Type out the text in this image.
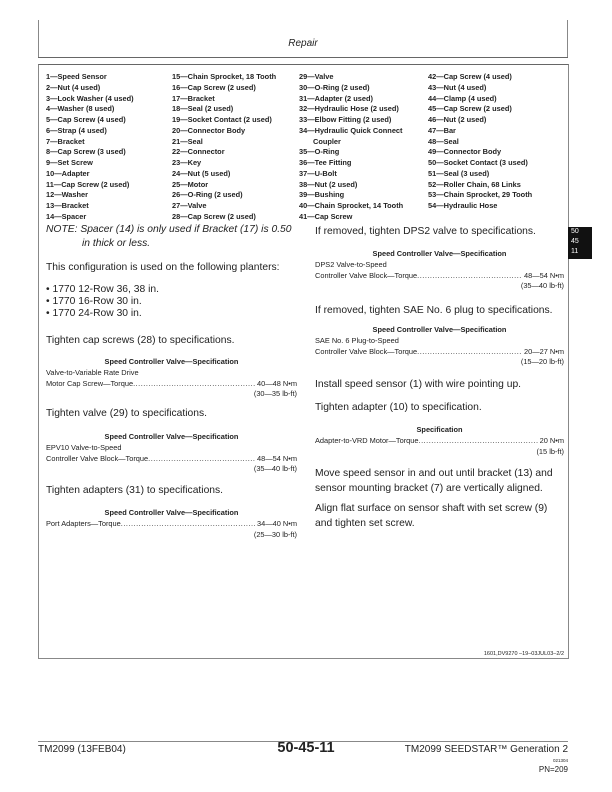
Repair
1—Speed Sensor
2—Nut (4 used)
3—Lock Washer (4 used)
4—Washer (8 used)
5—Cap Screw (4 used)
6—Strap (4 used)
7—Bracket
8—Cap Screw (3 used)
9—Set Screw
10—Adapter
11—Cap Screw (2 used)
12—Washer
13—Bracket
14—Spacer
15—Chain Sprocket, 18 Tooth
16—Cap Screw (2 used)
17—Bracket
18—Seal (2 used)
19—Socket Contact (2 used)
20—Connector Body
21—Seal
22—Connector
23—Key
24—Nut (5 used)
25—Motor
26—O-Ring (2 used)
27—Valve
28—Cap Screw (2 used)
29—Valve
30—O-Ring (2 used)
31—Adapter (2 used)
32—Hydraulic Hose (2 used)
33—Elbow Fitting (2 used)
34—Hydraulic Quick Connect
Coupler
35—O-Ring
36—Tee Fitting
37—U-Bolt
38—Nut (2 used)
39—Bushing
40—Chain Sprocket, 14 Tooth
41—Cap Screw
42—Cap Screw (4 used)
43—Nut (4 used)
44—Clamp (4 used)
45—Cap Screw (2 used)
46—Nut (2 used)
47—Bar
48—Seal
49—Connector Body
50—Socket Contact (3 used)
51—Seal (3 used)
52—Roller Chain, 68 Links
53—Chain Sprocket, 29 Tooth
54—Hydraulic Hose
50
45
11
NOTE: Spacer (14) is only used if Bracket (17) is 0.50
in thick or less.
This configuration is used on the following planters:
• 1770 12-Row 36, 38 in.
• 1770 16-Row 30 in.
• 1770 24-Row 30 in.
Tighten cap screws (28) to specifications.
Speed Controller Valve—Specification
Valve-to-Variable Rate Drive
Motor Cap Screw—Torque .....	40—48 N•m
(30—35 lb-ft)
Tighten valve (29) to specifications.
Speed Controller Valve—Specification
EPV10 Valve-to-Speed
Controller Valve Block—Torque .....	48—54 N•m
(35—40 lb-ft)
Tighten adapters (31) to specifications.
Speed Controller Valve—Specification
Port Adapters—Torque .....	34—40 N•m
(25—30 lb-ft)
If removed, tighten DPS2 valve to specifications.
Speed Controller Valve—Specification
DPS2 Valve-to-Speed
Controller Valve Block—Torque .....	48—54 N•m
(35—40 lb-ft)
If removed, tighten SAE No. 6 plug to specifications.
Speed Controller Valve—Specification
SAE No. 6 Plug-to-Speed
Controller Valve Block—Torque .....	20—27 N•m
(15—20 lb-ft)
Install speed sensor (1) with wire pointing up.
Tighten adapter (10) to specification.
Specification
Adapter-to-VRD Motor—Torque .....	20 N•m
(15 lb-ft)
Move speed sensor in and out until bracket (13) and
sensor mounting bracket (7) are vertically aligned.
Align flat surface on sensor shaft with set screw (9)
and tighten set screw.
1601,DV9270 –19–03JUL03–2/2
TM2099 (13FEB04)	50-45-11	TM2099 SEEDSTAR™ Generation 2
021304
PN=209
